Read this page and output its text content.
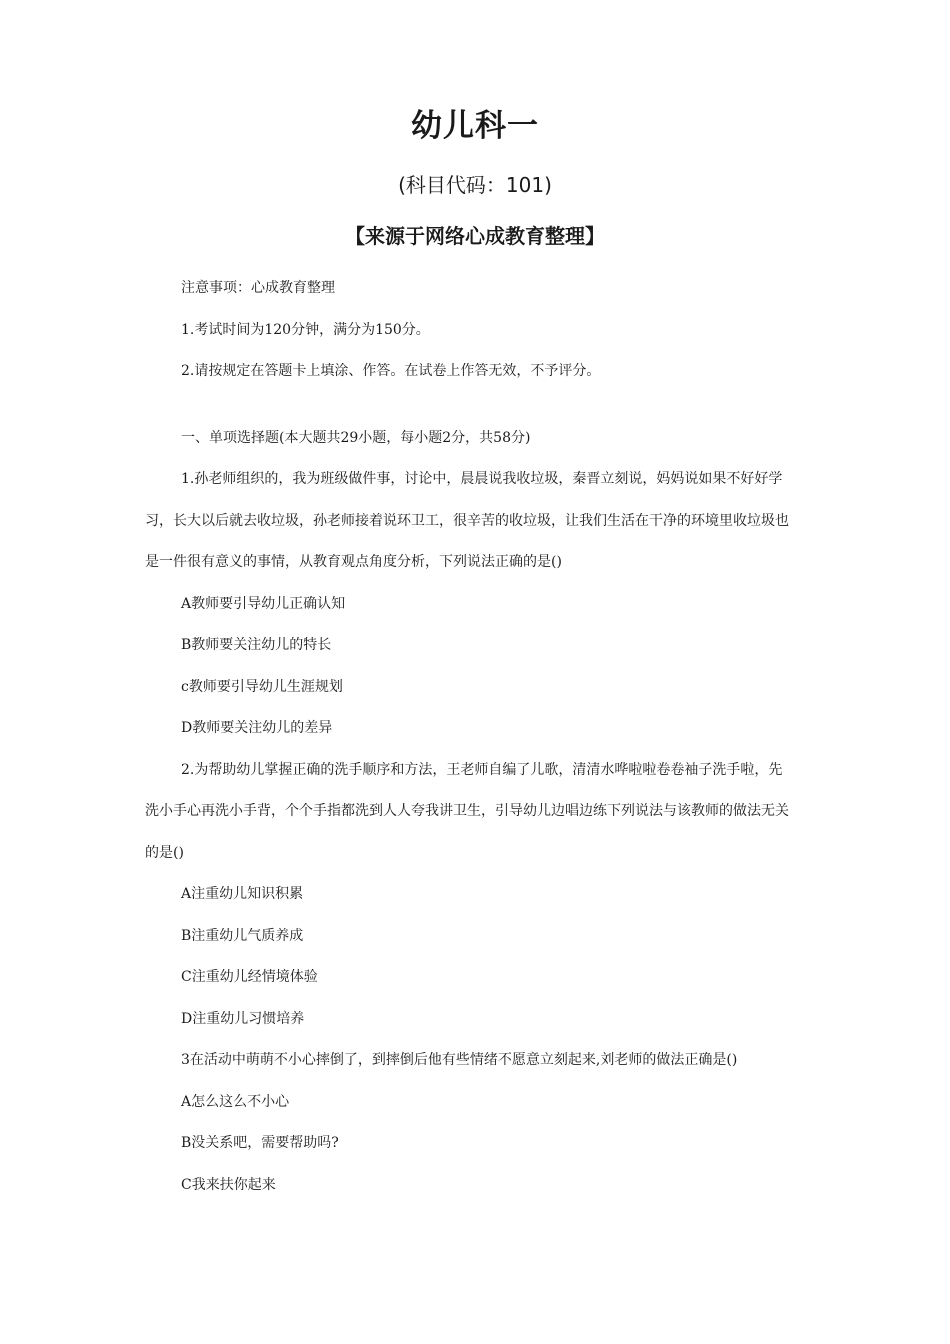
幼儿科一
(科目代码：101)
【来源于网络心成教育整理】
注意事项：心成教育整理
1.考试时间为120分钟，满分为150分。
2.请按规定在答题卡上填涂、作答。在试卷上作答无效，不予评分。
一、单项选择题(本大题共29小题，每小题2分，共58分)
1.孙老师组织的，我为班级做件事，讨论中，晨晨说我收垃圾，秦晋立刻说，妈妈说如果不好好学
习，长大以后就去收垃圾，孙老师接着说环卫工，很辛苦的收垃圾，让我们生活在干净的环境里收垃圾也
是一件很有意义的事情，从教育观点角度分析，下列说法正确的是()
A教师要引导幼儿正确认知
B教师要关注幼儿的特长
c教师要引导幼儿生涯规划
D教师要关注幼儿的差异
2.为帮助幼儿掌握正确的洗手顺序和方法，王老师自编了儿歌，清清水哗啦啦卷卷袖子洗手啦，先
洗小手心再洗小手背，个个手指都洗到人人夸我讲卫生，引导幼儿边唱边练下列说法与该教师的做法无关
的是()
A注重幼儿知识积累
B注重幼儿气质养成
C注重幼儿经情境体验
D注重幼儿习惯培养
3在活动中萌萌不小心摔倒了，到摔倒后他有些情绪不愿意立刻起来,刘老师的做法正确是()
A怎么这么不小心
B没关系吧，需要帮助吗?
C我来扶你起来
